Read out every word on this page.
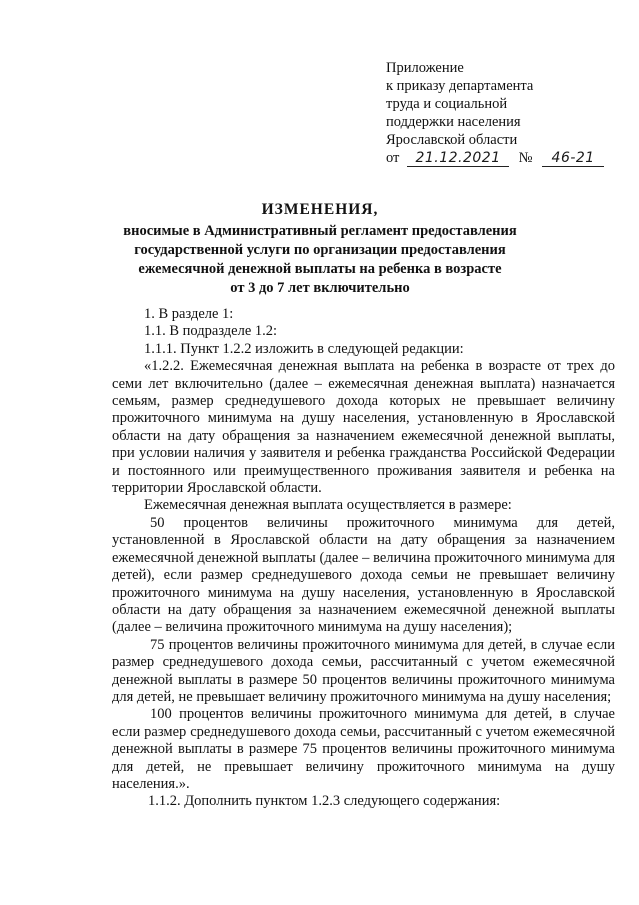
Приложение
к приказу департамента
труда и социальной
поддержки населения
Ярославской области
от 21.12.2021 № 46-21
ИЗМЕНЕНИЯ,
вносимые в Административный регламент предоставления
государственной услуги по организации предоставления
ежемесячной денежной выплаты на ребенка в возрасте
от 3 до 7 лет включительно

1. В разделе 1:

1.1. В подразделе 1.2:

1.1.1. Пункт 1.2.2 изложить в следующей редакции:

«1.2.2. Ежемесячная денежная выплата на ребенка в возрасте от трех до семи лет включительно (далее – ежемесячная денежная выплата) назначается семьям, размер среднедушевого дохода которых не превышает величину прожиточного минимума на душу населения, установленную в Ярославской области на дату обращения за назначением ежемесячной денежной выплаты, при условии наличия у заявителя и ребенка гражданства Российской Федерации и постоянного или преимущественного проживания заявителя и ребенка на территории Ярославской области.

Ежемесячная денежная выплата осуществляется в размере:

50 процентов величины прожиточного минимума для детей, установленной в Ярославской области на дату обращения за назначением ежемесячной денежной выплаты (далее – величина прожиточного минимума для детей), если размер среднедушевого дохода семьи не превышает величину прожиточного минимума на душу населения, установленную в Ярославской области на дату обращения за назначением ежемесячной денежной выплаты (далее – величина прожиточного минимума на душу населения);

75 процентов величины прожиточного минимума для детей, в случае если размер среднедушевого дохода семьи, рассчитанный с учетом ежемесячной денежной выплаты в размере 50 процентов величины прожиточного минимума для детей, не превышает величину прожиточного минимума на душу населения;

100 процентов величины прожиточного минимума для детей, в случае если размер среднедушевого дохода семьи, рассчитанный с учетом ежемесячной денежной выплаты в размере 75 процентов величины прожиточного минимума для детей, не превышает величину прожиточного минимума на душу населения.».

1.1.2. Дополнить пунктом 1.2.3 следующего содержания:
